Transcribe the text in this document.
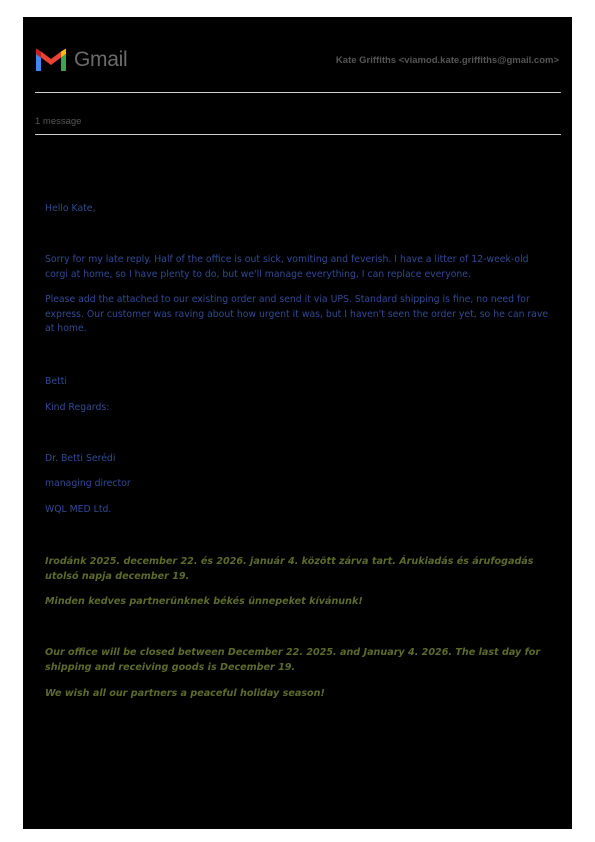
Gmail	Kate Griffiths <viamod.kate.griffiths@gmail.com>
1 message

Hello Kate,

Sorry for my late reply. Half of the office is out sick, vomiting and feverish. I have a litter of 12-week-old corgi at home, so I have plenty to do, but we'll manage everything, I can replace everyone.

Please add the attached to our existing order and send it via UPS. Standard shipping is fine, no need for express. Our customer was raving about how urgent it was, but I haven't seen the order yet, so he can rave at home.

Betti

Kind Regards:

Dr. Betti Serédi

managing director

WQL MED Ltd.

Irodánk 2025. december 22. és 2026. január 4. között zárva tart. Árukiadás és árufogadás utolsó napja december 19.

Minden kedves partnerünknek békés ünnepeket kívánunk!

Our office will be closed between December 22. 2025. and January 4. 2026. The last day for shipping and receiving goods is December 19.

We wish all our partners a peaceful holiday season!
